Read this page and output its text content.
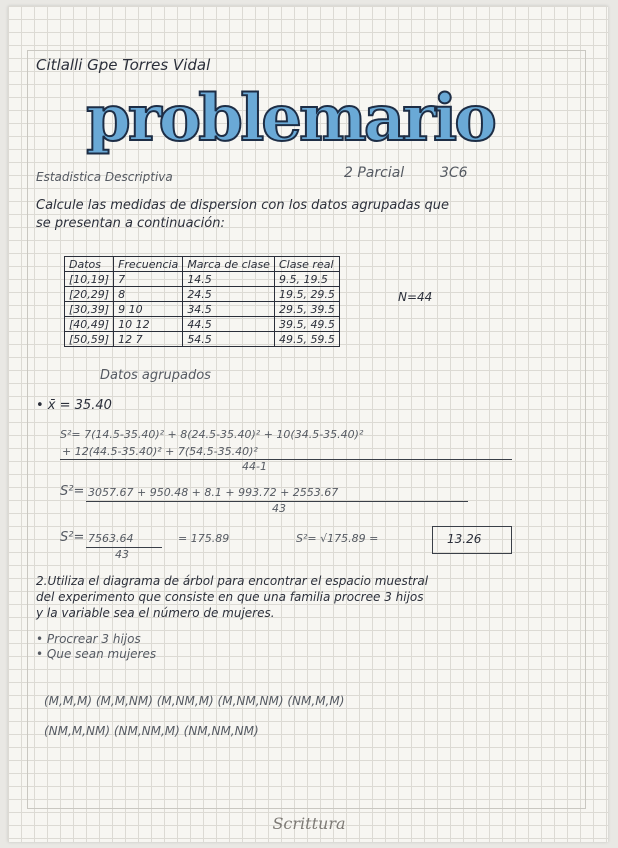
Citlalli Gpe Torres Vidal
problemario
Estadistica Descriptiva	2 Parcial	3C6
Calcule las medidas de dispersion con los datos agrupadas que
se presentan a continuación:
Datos	Frecuencia	Marca de clase	Clase real
[10,19]	7	14.5	9.5, 19.5
[20,29]	8	24.5	19.5, 29.5
[30,39]	9 10	34.5	29.5, 39.5
[40,49]	10 12	44.5	39.5, 49.5
[50,59]	12 7	54.5	49.5, 59.5
N=44
Datos agrupados
• x̄ = 35.40
S²= 7(14.5-35.40)² + 8(24.5-35.40)² + 10(34.5-35.40)²
+ 12(44.5-35.40)² + 7(54.5-35.40)²
44-1
S²= 3057.67 + 950.48 + 8.1 + 993.72 + 2553.67
43
S²= 7563.64
43
= 175.89	S²= √175.89 =	13.26
2.Utiliza el diagrama de árbol para encontrar el espacio muestral
del experimento que consiste en que una familia procree 3 hijos
y la variable sea el número de mujeres.
• Procrear 3 hijos
• Que sean mujeres
(M,M,M) (M,M,NM) (M,NM,M) (M,NM,NM) (NM,M,M)
(NM,M,NM) (NM,NM,M) (NM,NM,NM)
Scrittura
